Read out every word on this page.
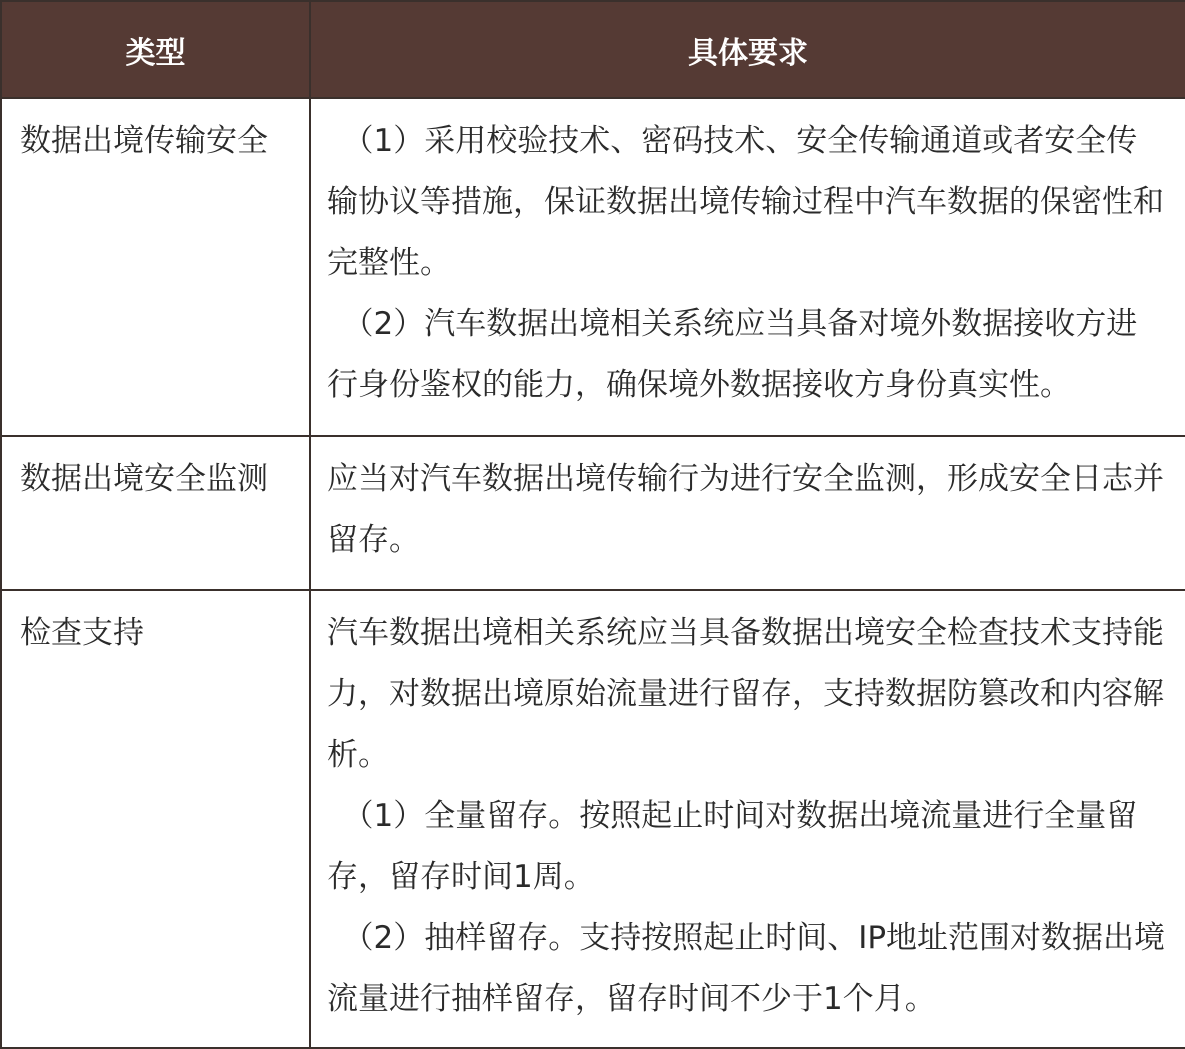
类型	具体要求
数据出境传输安全	（1）采用校验技术、密码技术、安全传输通道或者安全传输协议等措施，保证数据出境传输过程中汽车数据的保密性和完整性。
（2）汽车数据出境相关系统应当具备对境外数据接收方进行身份鉴权的能力，确保境外数据接收方身份真实性。

数据出境安全监测	应当对汽车数据出境传输行为进行安全监测，形成安全日志并留存。

检查支持	汽车数据出境相关系统应当具备数据出境安全检查技术支持能力，对数据出境原始流量进行留存，支持数据防篡改和内容解析。
（1）全量留存。按照起止时间对数据出境流量进行全量留存，留存时间1周。
（2）抽样留存。支持按照起止时间、IP地址范围对数据出境流量进行抽样留存，留存时间不少于1个月。
